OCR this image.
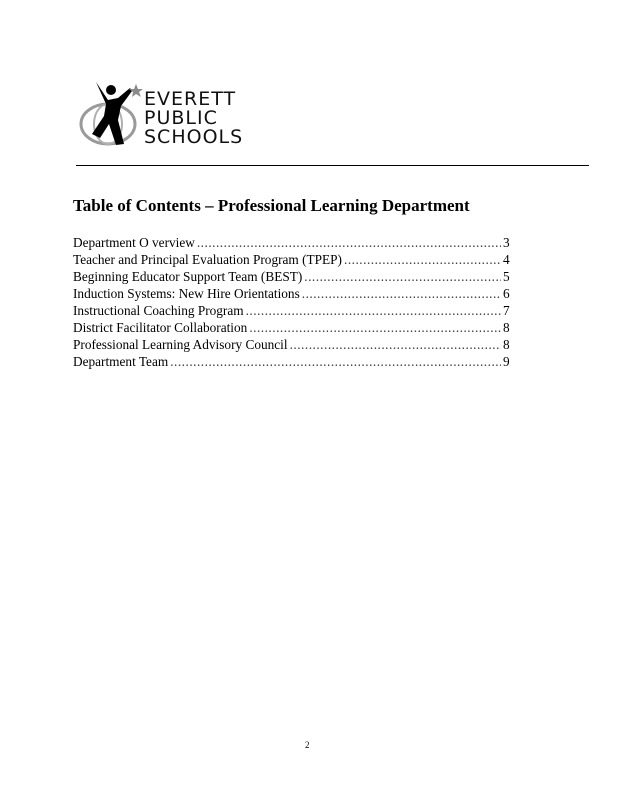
EVERETT
PUBLIC
SCHOOLS
Table of Contents – Professional Learning Department
Department O verview .....	3
Teacher and Principal Evaluation Program (TPEP) .....	4
Beginning Educator Support Team (BEST) .....	5
Induction Systems: New Hire Orientations .....	6
Instructional Coaching Program .....	7
District Facilitator Collaboration .....	8
Professional Learning Advisory Council .....	8
Department Team .....	9
2
